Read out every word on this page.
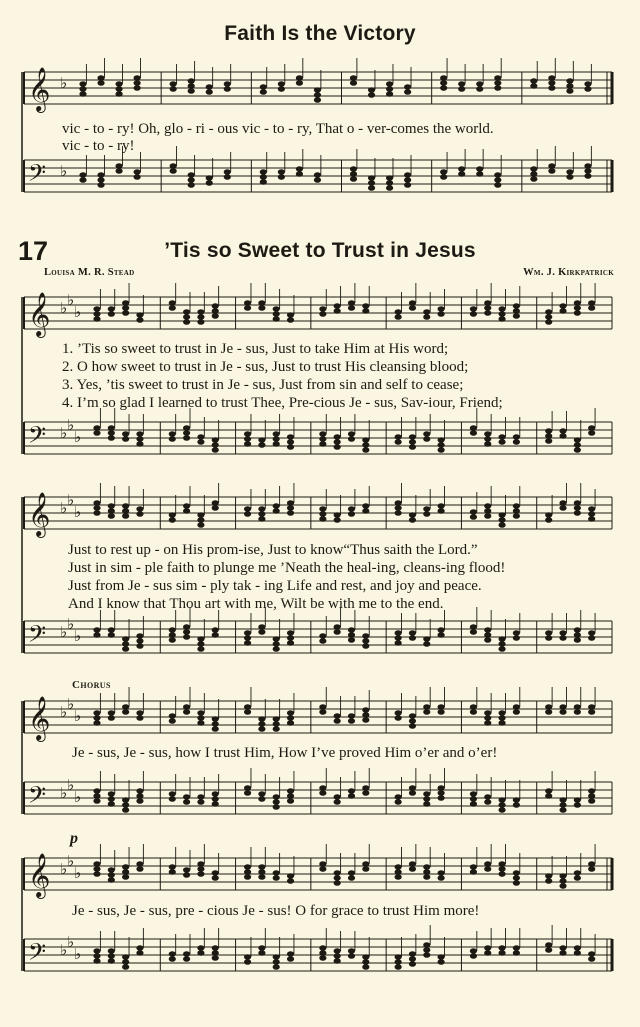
Faith Is the Victory
17	’Tis so Sweet to Trust in Jesus
Louisa M. R. Stead	Wm. J. Kirkpatrick
vic - to - ry! Oh, glo - ri - ous vic - to - ry, That o - ver-comes the world.
vic - to - ry!
1. ’Tis so sweet to trust in Je - sus, Just to take Him at His word;
2. O how sweet to trust in Je - sus, Just to trust His cleansing blood;
3. Yes, ’tis sweet to trust in Je - sus, Just from sin and self to cease;
4. I’m so glad I learned to trust Thee, Pre-cious Je - sus, Sav-iour, Friend;
Just to rest up - on His prom-ise, Just to know“Thus saith the Lord.”
Just in sim - ple faith to plunge me ’Neath the heal-ing, cleans-ing flood!
Just from Je - sus sim - ply tak - ing Life and rest, and joy and peace.
And I know that Thou art with me, Wilt be with me to the end.
Chorus
Je - sus, Je - sus, how I trust Him, How I’ve proved Him o’er and o’er!
Je - sus, Je - sus, pre - cious Je - sus! O for grace to trust Him more!
p
𝄞 ♭
𝄢 ♭
𝄞 ♭ ♭
♭
𝄢 ♭ ♭
♭
𝄞 ♭ ♭
♭
𝄢 ♭ ♭
♭
𝄞 ♭ ♭
♭
𝄢 ♭ ♭
♭
𝄞 ♭ ♭
♭
𝄢 ♭ ♭
♭
